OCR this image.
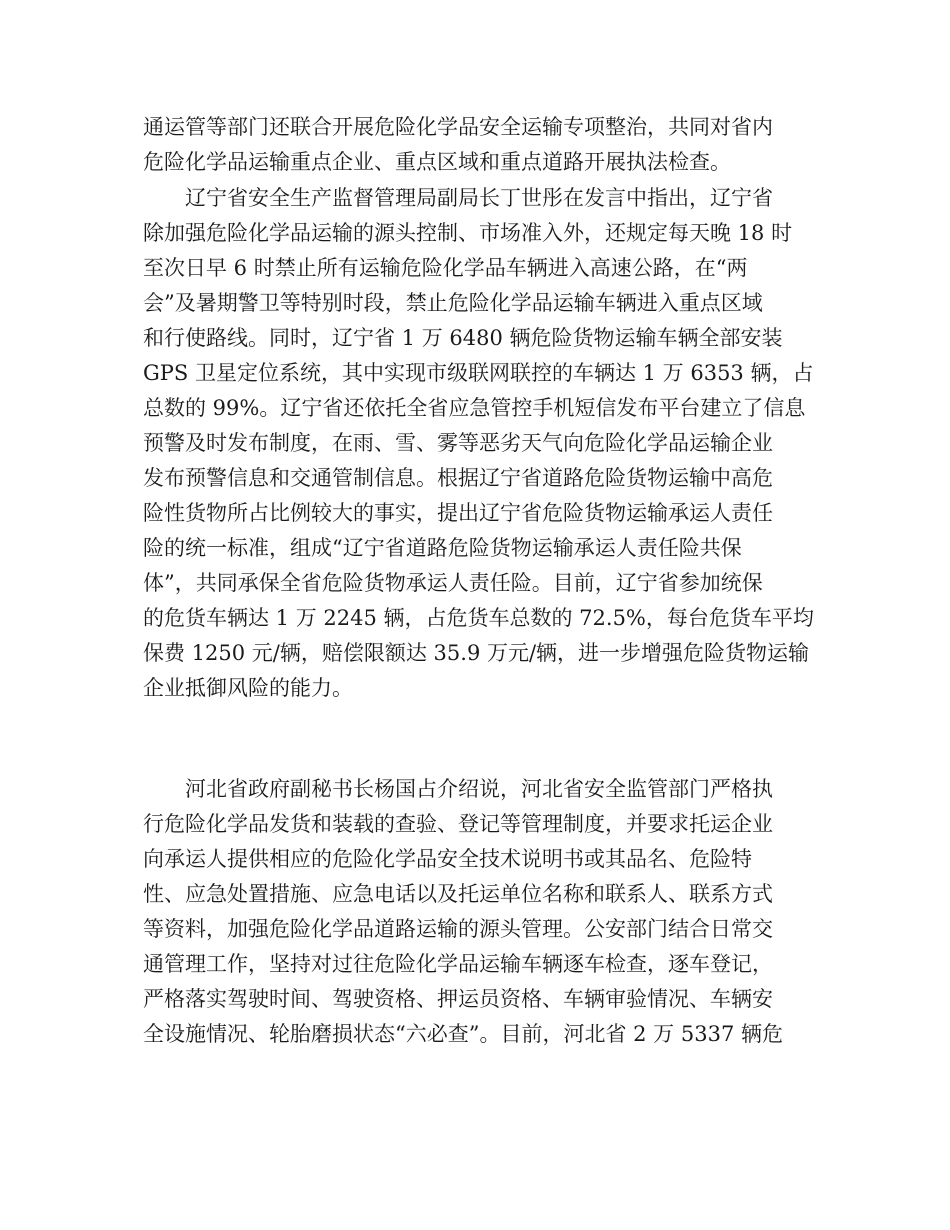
通运管等部门还联合开展危险化学品安全运输专项整治，共同对省内
危险化学品运输重点企业、重点区域和重点道路开展执法检查。
辽宁省安全生产监督管理局副局长丁世彤在发言中指出，辽宁省
除加强危险化学品运输的源头控制、市场准入外，还规定每天晚 18 时
至次日早 6 时禁止所有运输危险化学品车辆进入高速公路，在“两
会”及暑期警卫等特别时段，禁止危险化学品运输车辆进入重点区域
和行使路线。同时，辽宁省 1 万 6480 辆危险货物运输车辆全部安装
GPS 卫星定位系统，其中实现市级联网联控的车辆达 1 万 6353 辆，占
总数的 99%。辽宁省还依托全省应急管控手机短信发布平台建立了信息
预警及时发布制度，在雨、雪、雾等恶劣天气向危险化学品运输企业
发布预警信息和交通管制信息。根据辽宁省道路危险货物运输中高危
险性货物所占比例较大的事实，提出辽宁省危险货物运输承运人责任
险的统一标准，组成“辽宁省道路危险货物运输承运人责任险共保
体”，共同承保全省危险货物承运人责任险。目前，辽宁省参加统保
的危货车辆达 1 万 2245 辆，占危货车总数的 72.5%，每台危货车平均
保费 1250 元/辆，赔偿限额达 35.9 万元/辆，进一步增强危险货物运输
企业抵御风险的能力。
河北省政府副秘书长杨国占介绍说，河北省安全监管部门严格执
行危险化学品发货和装载的查验、登记等管理制度，并要求托运企业
向承运人提供相应的危险化学品安全技术说明书或其品名、危险特
性、应急处置措施、应急电话以及托运单位名称和联系人、联系方式
等资料，加强危险化学品道路运输的源头管理。公安部门结合日常交
通管理工作，坚持对过往危险化学品运输车辆逐车检查，逐车登记，
严格落实驾驶时间、驾驶资格、押运员资格、车辆审验情况、车辆安
全设施情况、轮胎磨损状态“六必查”。目前，河北省 2 万 5337 辆危
